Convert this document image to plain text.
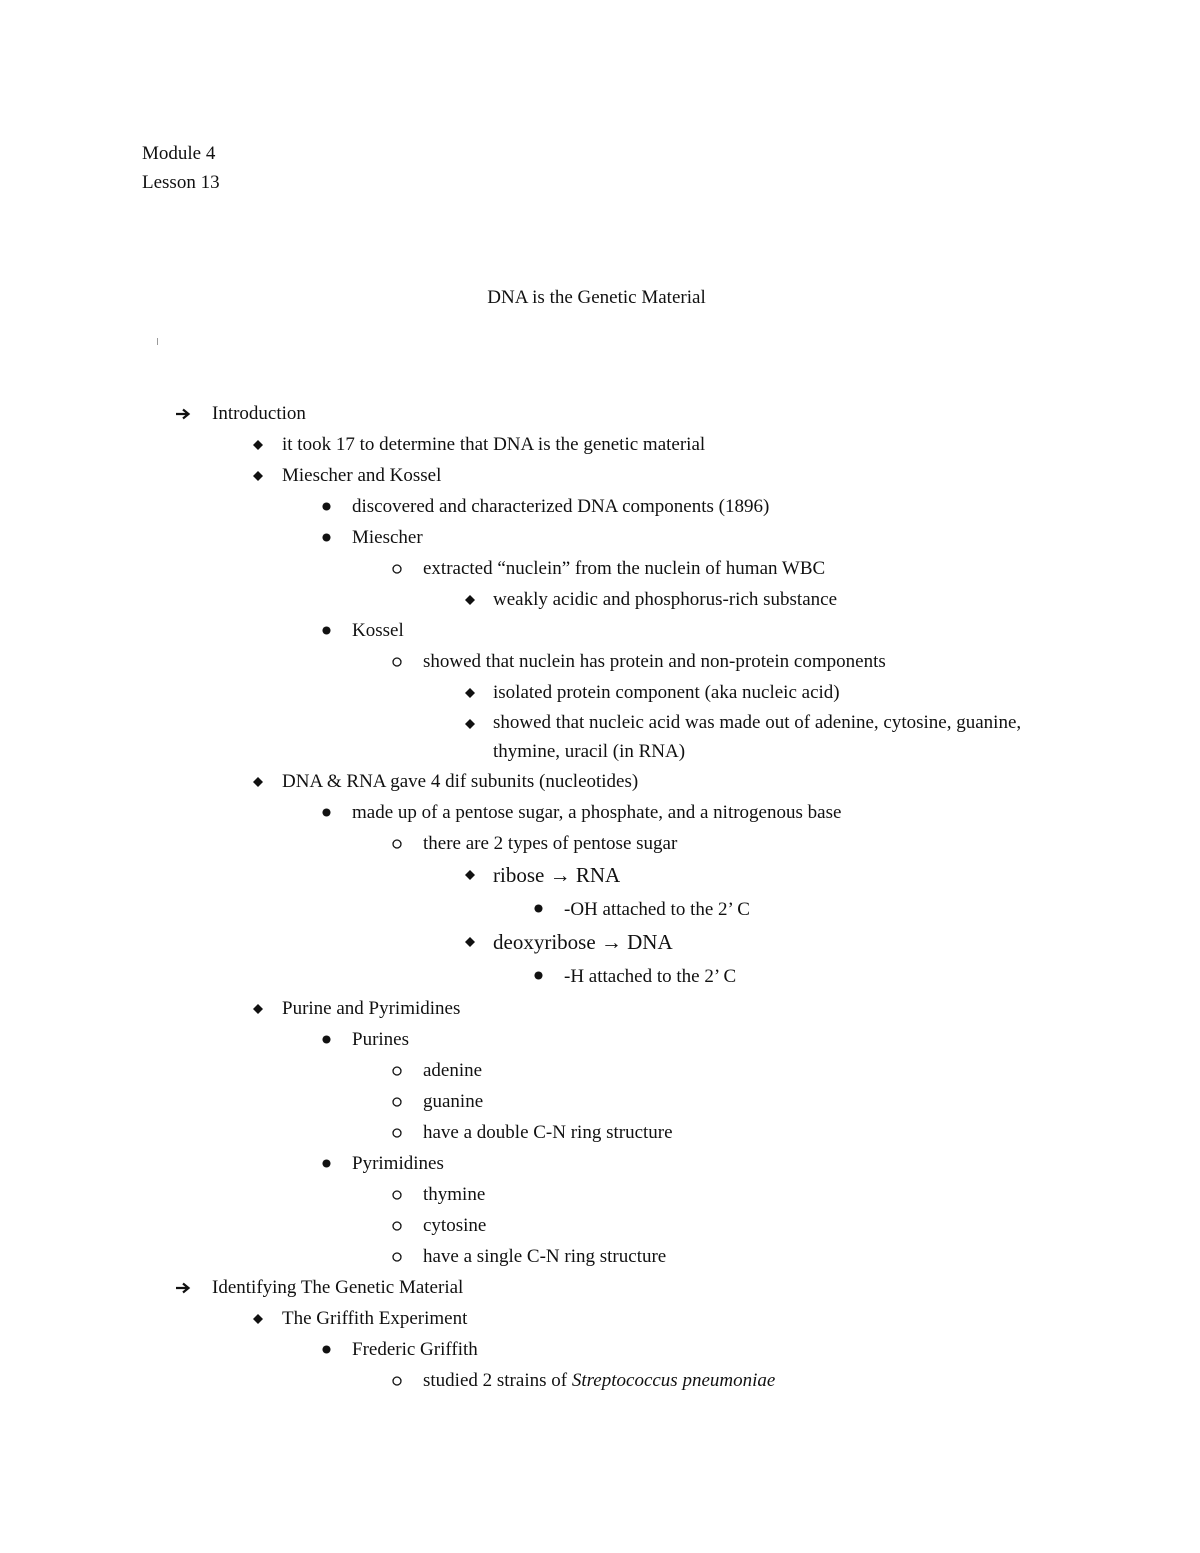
Module 4
Lesson 13
DNA is the Genetic Material
Introduction
it took 17 to determine that DNA is the genetic material
Miescher and Kossel
discovered and characterized DNA components (1896)
Miescher
extracted “nuclein” from the nuclein of human WBC
weakly acidic and phosphorus-rich substance
Kossel
showed that nuclein has protein and non-protein components
isolated protein component (aka nucleic acid)
showed that nucleic acid was made out of adenine, cytosine, guanine, thymine, uracil (in RNA)
DNA & RNA gave 4 dif subunits (nucleotides)
made up of a pentose sugar, a phosphate, and a nitrogenous base
there are 2 types of pentose sugar
ribose → RNA
-OH attached to the 2’ C
deoxyribose → DNA
-H attached to the 2’ C
Purine and Pyrimidines
Purines
adenine
guanine
have a double C-N ring structure
Pyrimidines
thymine
cytosine
have a single C-N ring structure
Identifying The Genetic Material
The Griffith Experiment
Frederic Griffith
studied 2 strains of Streptococcus pneumoniae
